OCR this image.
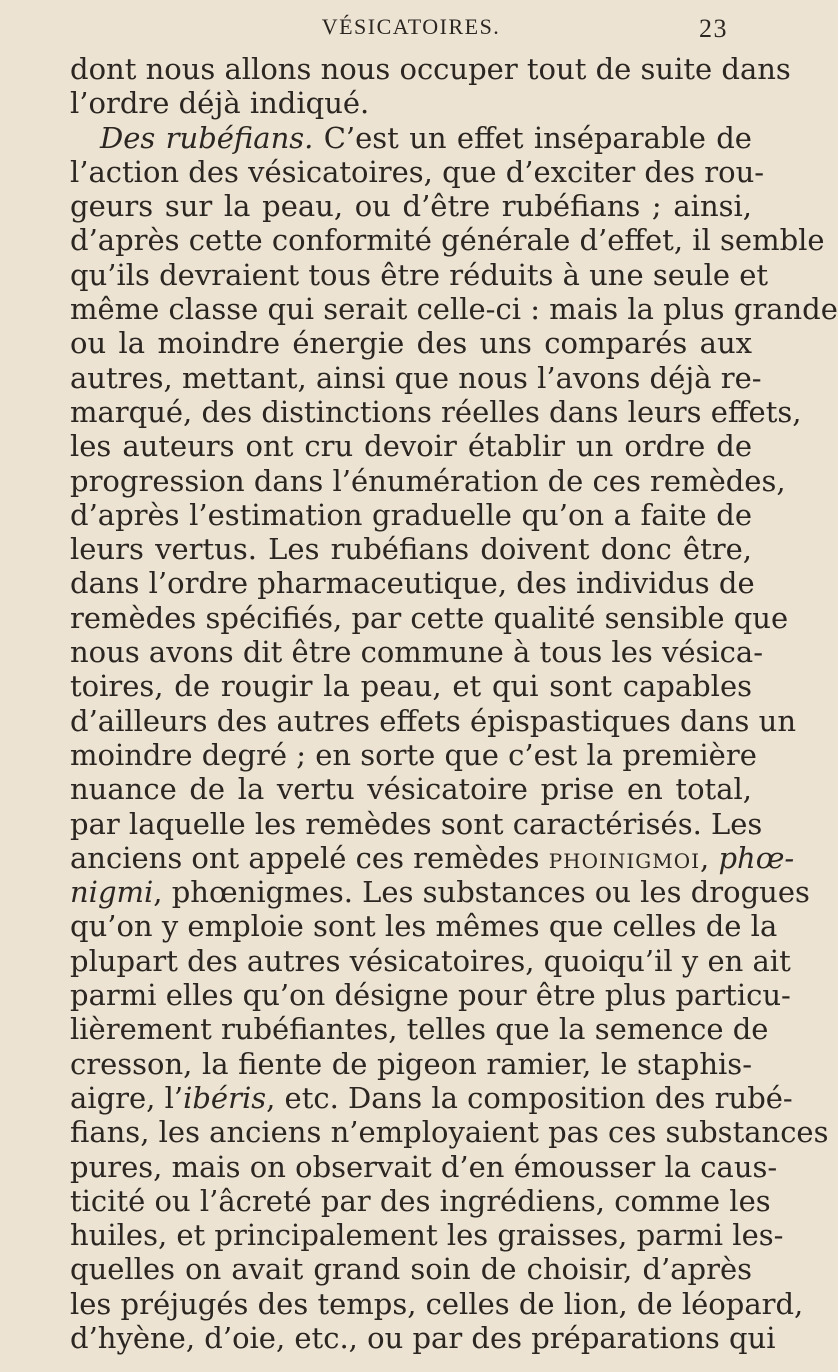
VÉSICATOIRES.	23
dont nous allons nous occuper tout de suite dans
l’ordre déjà indiqué.
Des rubéfians. C’est un effet inséparable de
l’action des vésicatoires, que d’exciter des rou-
geurs sur la peau, ou d’être rubéfians ; ainsi,
d’après cette conformité générale d’effet, il semble
qu’ils devraient tous être réduits à une seule et
même classe qui serait celle-ci : mais la plus grande
ou la moindre énergie des uns comparés aux
autres, mettant, ainsi que nous l’avons déjà re-
marqué, des distinctions réelles dans leurs effets,
les auteurs ont cru devoir établir un ordre de
progression dans l’énumération de ces remèdes,
d’après l’estimation graduelle qu’on a faite de
leurs vertus. Les rubéfians doivent donc être,
dans l’ordre pharmaceutique, des individus de
remèdes spécifiés, par cette qualité sensible que
nous avons dit être commune à tous les vésica-
toires, de rougir la peau, et qui sont capables
d’ailleurs des autres effets épispastiques dans un
moindre degré ; en sorte que c’est la première
nuance de la vertu vésicatoire prise en total,
par laquelle les remèdes sont caractérisés. Les
anciens ont appelé ces remèdes phoinigmoi, phœ-
nigmi, phœnigmes. Les substances ou les drogues
qu’on y emploie sont les mêmes que celles de la
plupart des autres vésicatoires, quoiqu’il y en ait
parmi elles qu’on désigne pour être plus particu-
lièrement rubéfiantes, telles que la semence de
cresson, la fiente de pigeon ramier, le staphis-
aigre, l’ibéris, etc. Dans la composition des rubé-
fians, les anciens n’employaient pas ces substances
pures, mais on observait d’en émousser la caus-
ticité ou l’âcreté par des ingrédiens, comme les
huiles, et principalement les graisses, parmi les-
quelles on avait grand soin de choisir, d’après
les préjugés des temps, celles de lion, de léopard,
d’hyène, d’oie, etc., ou par des préparations qui
